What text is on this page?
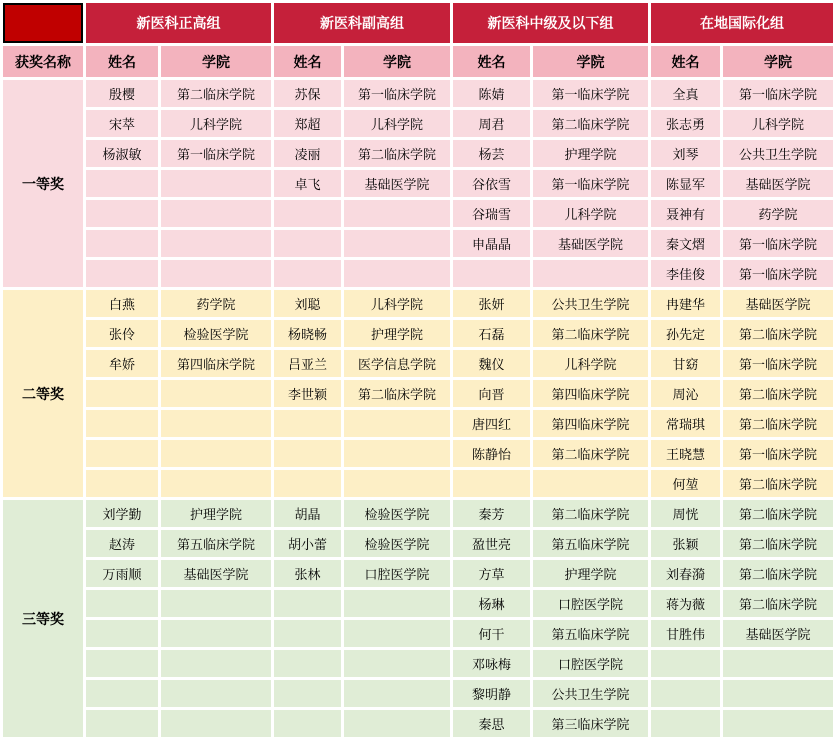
	新医科正高组		新医科副高组		新医科中级及以下组		在地国际化组	
获奖名称	姓名	学院	姓名	学院	姓名	学院	姓名	学院
一等奖	殷樱	第二临床学院	苏保	第一临床学院	陈婧	第一临床学院	全真	第一临床学院
	宋萃	儿科学院	郑超	儿科学院	周君	第二临床学院	张志勇	儿科学院
	杨淑敏	第一临床学院	凌丽	第二临床学院	杨芸	护理学院	刘琴	公共卫生学院
			卓飞	基础医学院	谷依雪	第一临床学院	陈显军	基础医学院
					谷瑞雪	儿科学院	聂神有	药学院
					申晶晶	基础医学院	秦文熠	第一临床学院
							李佳俊	第一临床学院
二等奖	白燕	药学院	刘聪	儿科学院	张妍	公共卫生学院	冉建华	基础医学院
	张伶	检验医学院	杨晓畅	护理学院	石磊	第二临床学院	孙先定	第二临床学院
	牟娇	第四临床学院	吕亚兰	医学信息学院	魏仪	儿科学院	甘窈	第一临床学院
			李世颖	第二临床学院	向晋	第四临床学院	周沁	第二临床学院
					唐四红	第四临床学院	常瑞琪	第二临床学院
					陈静怡	第二临床学院	王晓慧	第一临床学院
							何堃	第二临床学院
三等奖	刘学勤	护理学院	胡晶	检验医学院	秦芳	第二临床学院	周恍	第二临床学院
	赵涛	第五临床学院	胡小蕾	检验医学院	盈世亮	第五临床学院	张颖	第二临床学院
	万雨顺	基础医学院	张林	口腔医学院	方草	护理学院	刘春漪	第二临床学院
					杨琳	口腔医学院	蒋为薇	第二临床学院
					何干	第五临床学院	甘胜伟	基础医学院
					邓咏梅	口腔医学院		
					黎明静	公共卫生学院		
					秦思	第三临床学院		
